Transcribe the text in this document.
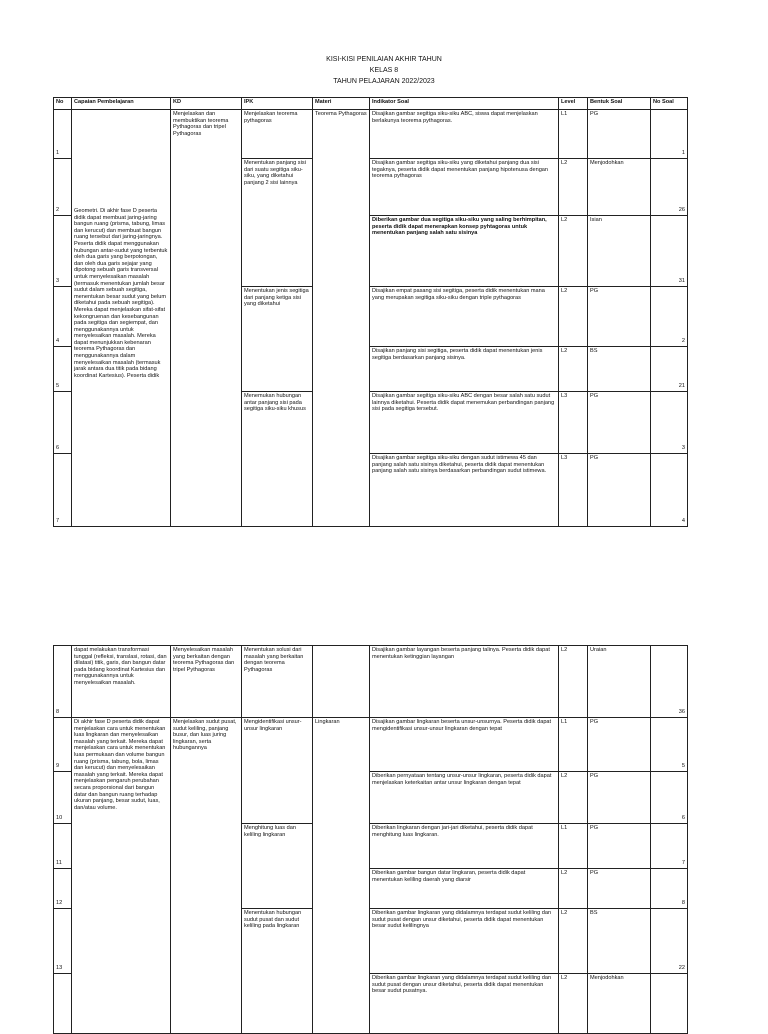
KISI-KISI PENILAIAN AKHIR TAHUN
KELAS 8
TAHUN PELAJARAN 2022/2023
No	Capaian Pembelajaran	KD	IPK	Materi	Indikator Soal	Level	Bentuk Soal	No Soal
1	Geometri. Di akhir fase D peserta didik dapat membuat jaring-jaring bangun ruang (prisma, tabung, limas dan kerucut) dan membuat bangun ruang tersebut dari jaring-jaringnya. Peserta didik dapat menggunakan hubungan antar-sudut yang terbentuk oleh dua garis yang berpotongan, dan oleh dua garis sejajar yang dipotong sebuah garis transversal untuk menyelesaikan masalah (termasuk menentukan jumlah besar sudut dalam sebuah segitiga, menentukan besar sudut yang belum diketahui pada sebuah segitiga). Mereka dapat menjelaskan sifat-sifat kekongruenan dan kesebangunan pada segitiga dan segiempat, dan menggunakannya untuk menyelesaikan masalah. Mereka dapat menunjukkan kebenaran teorema Pythagoras dan menggunakannya dalam menyelesaikan masalah (termasuk jarak antara dua titik pada bidang koordinat Kartesius). Peserta didik	Menjelaskan dan membuktikan teorema Pythagoras dan tripel Pythagoras	Menjelaskan teorema pythagoras	Teorema Pythagoras	Disajikan gambar segitiga siku-siku ABC, siswa dapat menjelaskan berlakunya teorema pythagoras.	L1	PG	1
2			Menentukan panjang sisi dari suatu segitiga siku-siku, yang diketahui panjang 2 sisi lainnya		Disajikan gambar segitiga siku-siku yang diketahui panjang dua sisi tegaknya, peserta didik dapat menentukan panjang hipotenusa dengan teorema pythagoras	L2	Menjodohkan	26
3					Diberikan gambar dua segitiga siku-siku yang saling berhimpitan, peserta didik dapat menerapkan konsep pyhtagoras untuk menentukan panjang salah satu sisinya	L2	Isian	31
4			Menentukan jenis segitiga dari panjang ketiga sisi yang diketahui		Disajikan empat pasang sisi segitiga, peserta didik menentukan mana yang merupakan segitiga siku-siku dengan triple pythagoras	L2	PG	2
5					Disajikan panjang sisi segitiga, peserta didik dapat menentukan jenis segitiga berdasarkan panjang sisinya.	L2	BS	21
6			Menemukan hubungan antar panjang sisi pada segitiga siku-siku khusus		Disajikan gambar segitiga siku-siku ABC dengan besar salah satu sudut lainnya diketahui. Peserta didik dapat menemukan perbandingan panjang sisi pada segitiga tersebut.	L3	PG	3
7					Disajikan gambar segitiga siku-siku dengan sudut istimewa 45 dan panjang salah satu sisinya diketahui, peserta didik dapat menentukan panjang salah satu sisinya berdasarkan perbandingan sudut istimewa.	L3	PG	4
8	dapat melakukan transformasi tunggal (refleksi, translasi, rotasi, dan dilatasi) titik, garis, dan bangun datar pada bidang koordinat Kartesius dan menggunakannya untuk menyelesaikan masalah.	Menyelesaikan masalah yang berkaitan dengan teorema Pythagoras dan tripel Pythagoras	Menentukan solusi dari masalah yang berkaitan dengan teorema Pythagoras		Disajikan gambar layangan beserta panjang talinya. Peserta didik dapat menentukan ketinggian layangan	L2	Uraian	36
9	Di akhir fase D peserta didik dapat menjelaskan cara untuk menentukan luas lingkaran dan menyelesaikan masalah yang terkait. Mereka dapat menjelaskan cara untuk menentukan luas permukaan dan volume bangun ruang (prisma, tabung, bola, limas dan kerucut) dan menyelesaikan masalah yang terkait. Mereka dapat menjelaskan pengaruh perubahan secara proporsional dari bangun datar dan bangun ruang terhadap ukuran panjang, besar sudut, luas, dan/atau volume.	Menjelaskan sudut pusat, sudut keliling, panjang busur, dan luas juring lingkaran, serta hubungannya	Mengidentifikasi unsur-unsur lingkaran	Lingkaran	Disajikan gambar lingkaran beserta unsur-unsurnya. Peserta didik dapat mengidentifikasi unsur-unsur lingkaran dengan tepat	L1	PG	5
10					Diberikan pernyataan tentang unsur-unsur lingkaran, peserta didik dapat menjelaskan keterkaitan antar unsur lingkaran dengan tepat	L2	PG	6
11			Menghitung luas dan keliling lingkaran		Diberikan lingkaran dengan jari-jari diketahui, peserta didik dapat menghitung luas lingkaran.	L1	PG	7
12					Diberikan gambar bangun datar lingkaran, peserta didik dapat menentukan keliling daerah yang diarsir	L2	PG	8
13			Menentukan hubungan sudut pusat dan sudut keliling pada lingkaran		Diberikan gambar lingkaran yang didalamnya terdapat sudut keliling dan sudut pusat dengan unsur diketahui, peserta didik dapat menentukan besar sudut kelilingnya	L2	BS	22
					Diberikan gambar lingkaran yang didalamnya terdapat sudut keliling dan sudut pusat dengan unsur diketahui, peserta didik dapat menentukan besar sudut pusatnya.	L2	Menjodohkan	
